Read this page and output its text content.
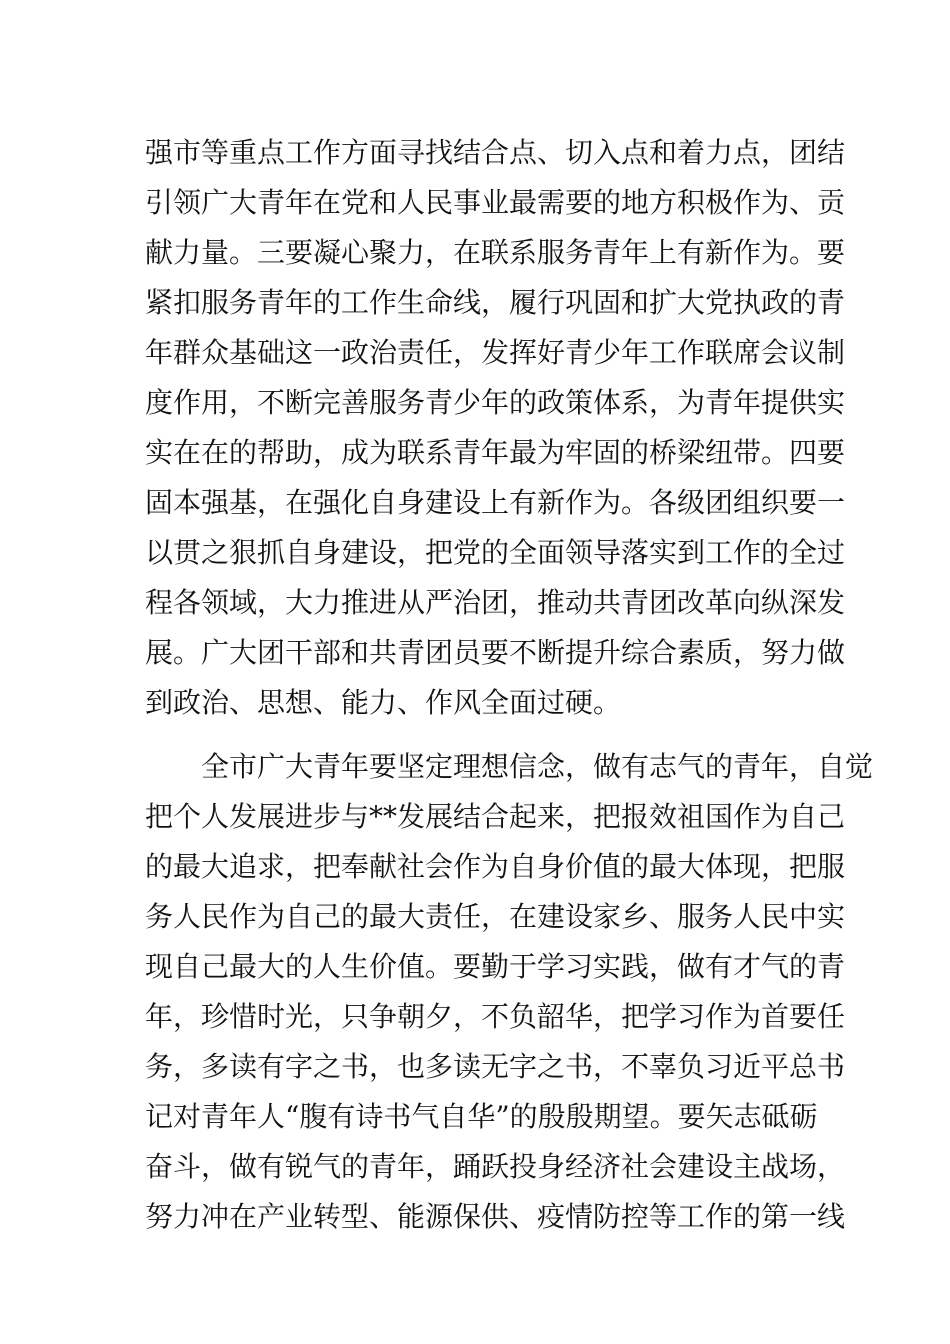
强市等重点工作方面寻找结合点、切入点和着力点，团结
引领广大青年在党和人民事业最需要的地方积极作为、贡
献力量。三要凝心聚力，在联系服务青年上有新作为。要
紧扣服务青年的工作生命线，履行巩固和扩大党执政的青
年群众基础这一政治责任，发挥好青少年工作联席会议制
度作用，不断完善服务青少年的政策体系，为青年提供实
实在在的帮助，成为联系青年最为牢固的桥梁纽带。四要
固本强基，在强化自身建设上有新作为。各级团组织要一
以贯之狠抓自身建设，把党的全面领导落实到工作的全过
程各领域，大力推进从严治团，推动共青团改革向纵深发
展。广大团干部和共青团员要不断提升综合素质，努力做
到政治、思想、能力、作风全面过硬。
　　全市广大青年要坚定理想信念，做有志气的青年，自觉
把个人发展进步与**发展结合起来，把报效祖国作为自己
的最大追求，把奉献社会作为自身价值的最大体现，把服
务人民作为自己的最大责任，在建设家乡、服务人民中实
现自己最大的人生价值。要勤于学习实践，做有才气的青
年，珍惜时光，只争朝夕，不负韶华，把学习作为首要任
务，多读有字之书，也多读无字之书，不辜负习近平总书
记对青年人“腹有诗书气自华”的殷殷期望。要矢志砥砺
奋斗，做有锐气的青年，踊跃投身经济社会建设主战场，
努力冲在产业转型、能源保供、疫情防控等工作的第一线
